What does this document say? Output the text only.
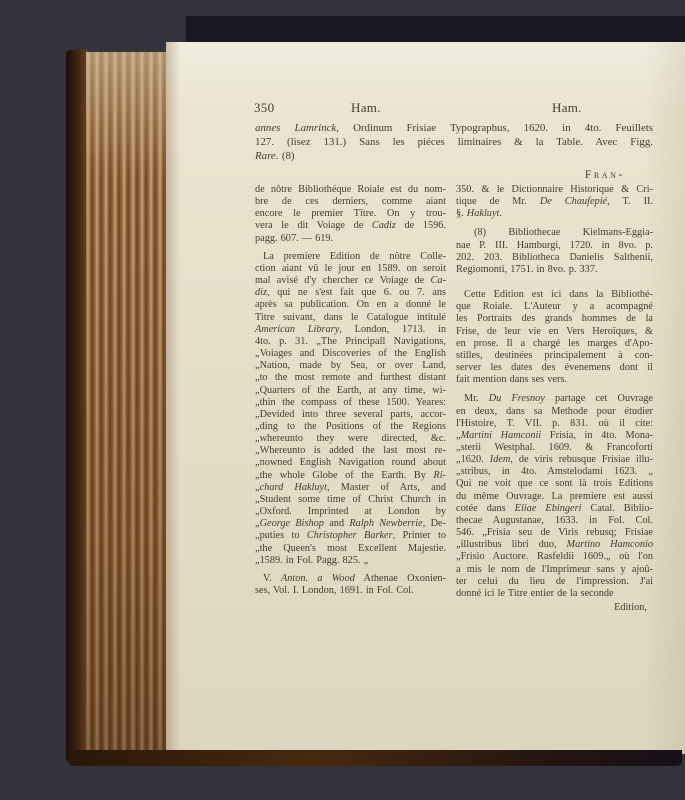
350	Ham.	Ham.
annes Lamrinck, Ordinum Frisiae Typographus, 1620. in 4to. Feuillets
127. (lisez 131.) Sans les piéces liminaires & la Table. Avec Figg.
Rare. (8)
Fran-
de nôtre Bibliothéque Roiale est du nom-
bre de ces derniers, comme aiant
encore le premier Tître. On y trou-
vera le dit Voiage de Cadiz de 1596.
pagg. 607. — 619.
La premiere Edition de nôtre Colle-
ction aiant vû le jour en 1589. on seroit
mal avisé d'y chercher ce Voiage de Ca-
diz, qui ne s'est fait que 6. ou 7. ans
après sa publication. On en a donné le
Titre suivant, dans le Catalogue intitulé
American Library, London, 1713. in
4to. p. 31. „The Principall Navigations,
„Voiages and Discoveries of the English
„Nation, made by Sea, or over Land,
„to the most remote and furthest distant
„Quarters of the Earth, at any time, wi-
„thin the compass of these 1500. Yeares:
„Devided into three several parts, accor-
„ding to the Positions of the Regions
„whereunto they were directed, &c.
„Whereunto is added the last most re-
„nowned English Navigation round about
„the whole Globe of the Earth. By Ri-
„chard Hakluyt, Master of Arts, and
„Student some time of Christ Church in
„Oxford. Imprinted at London by
„George Bishop and Ralph Newberrie, De-
„puties to Christopher Barker, Printer to
„the Queen's most Excellent Majestie.
„1589. in Fol. Pagg. 825. „
V. Anton. a Wood Athenae Oxonien-
ses, Vol. I. London, 1691. in Fol. Col.
350. & le Dictionnaire Historique & Cri-
tique de Mr. De Chaufepié, T. II.
§. Hakluyt.
(8) Bibliothecae Kielmans-Eggia-
nae P. III. Hamburgi, 1720. in 8vo. p.
202. 203. Bibliotheca Danielis Salthenii,
Regiomonti, 1751. in 8vo. p. 337.
Cette Edition est ici dans la Bibliothé-
que Roiale. L'Auteur y a acompagné
les Portraits des grands hommes de la
Frise, de leur vie en Vers Heroïques, &
en prose. Il a chargé les marges d'Apo-
stilles, destinées principalement à con-
server les dates des évenemens dont il
fait mention dans ses vers.
Mr. Du Fresnoy partage cet Ouvrage
en deux, dans sa Methode pour étudier
l'Histoire, T. VII. p. 831. où il cite:
„Martini Hamconii Frisia, in 4to. Mona-
„sterii Westphal. 1609. & Francoforti
„1620. Idem, de viris rebusque Frisiae illu-
„stribus, in 4to. Amstelodami 1623. „
Qui ne voit que ce sont là trois Editions
du même Ouvrage. La premiere est aussi
cotée dans Eliae Ebingeri Catal. Biblio-
thecae Augustanae, 1633. in Fol. Col.
546. „Frisia seu de Viris rebusq; Frisiae
„illustribus libri duo, Martino Hamconio
„Frisio Auctore. Rasfeldii 1609.„ où l'on
a mis le nom de l'Imprimeur sans y ajoû-
ter celui du lieu de l'impression. J'ai
donné ici le Titre entier de la seconde
Edition,
